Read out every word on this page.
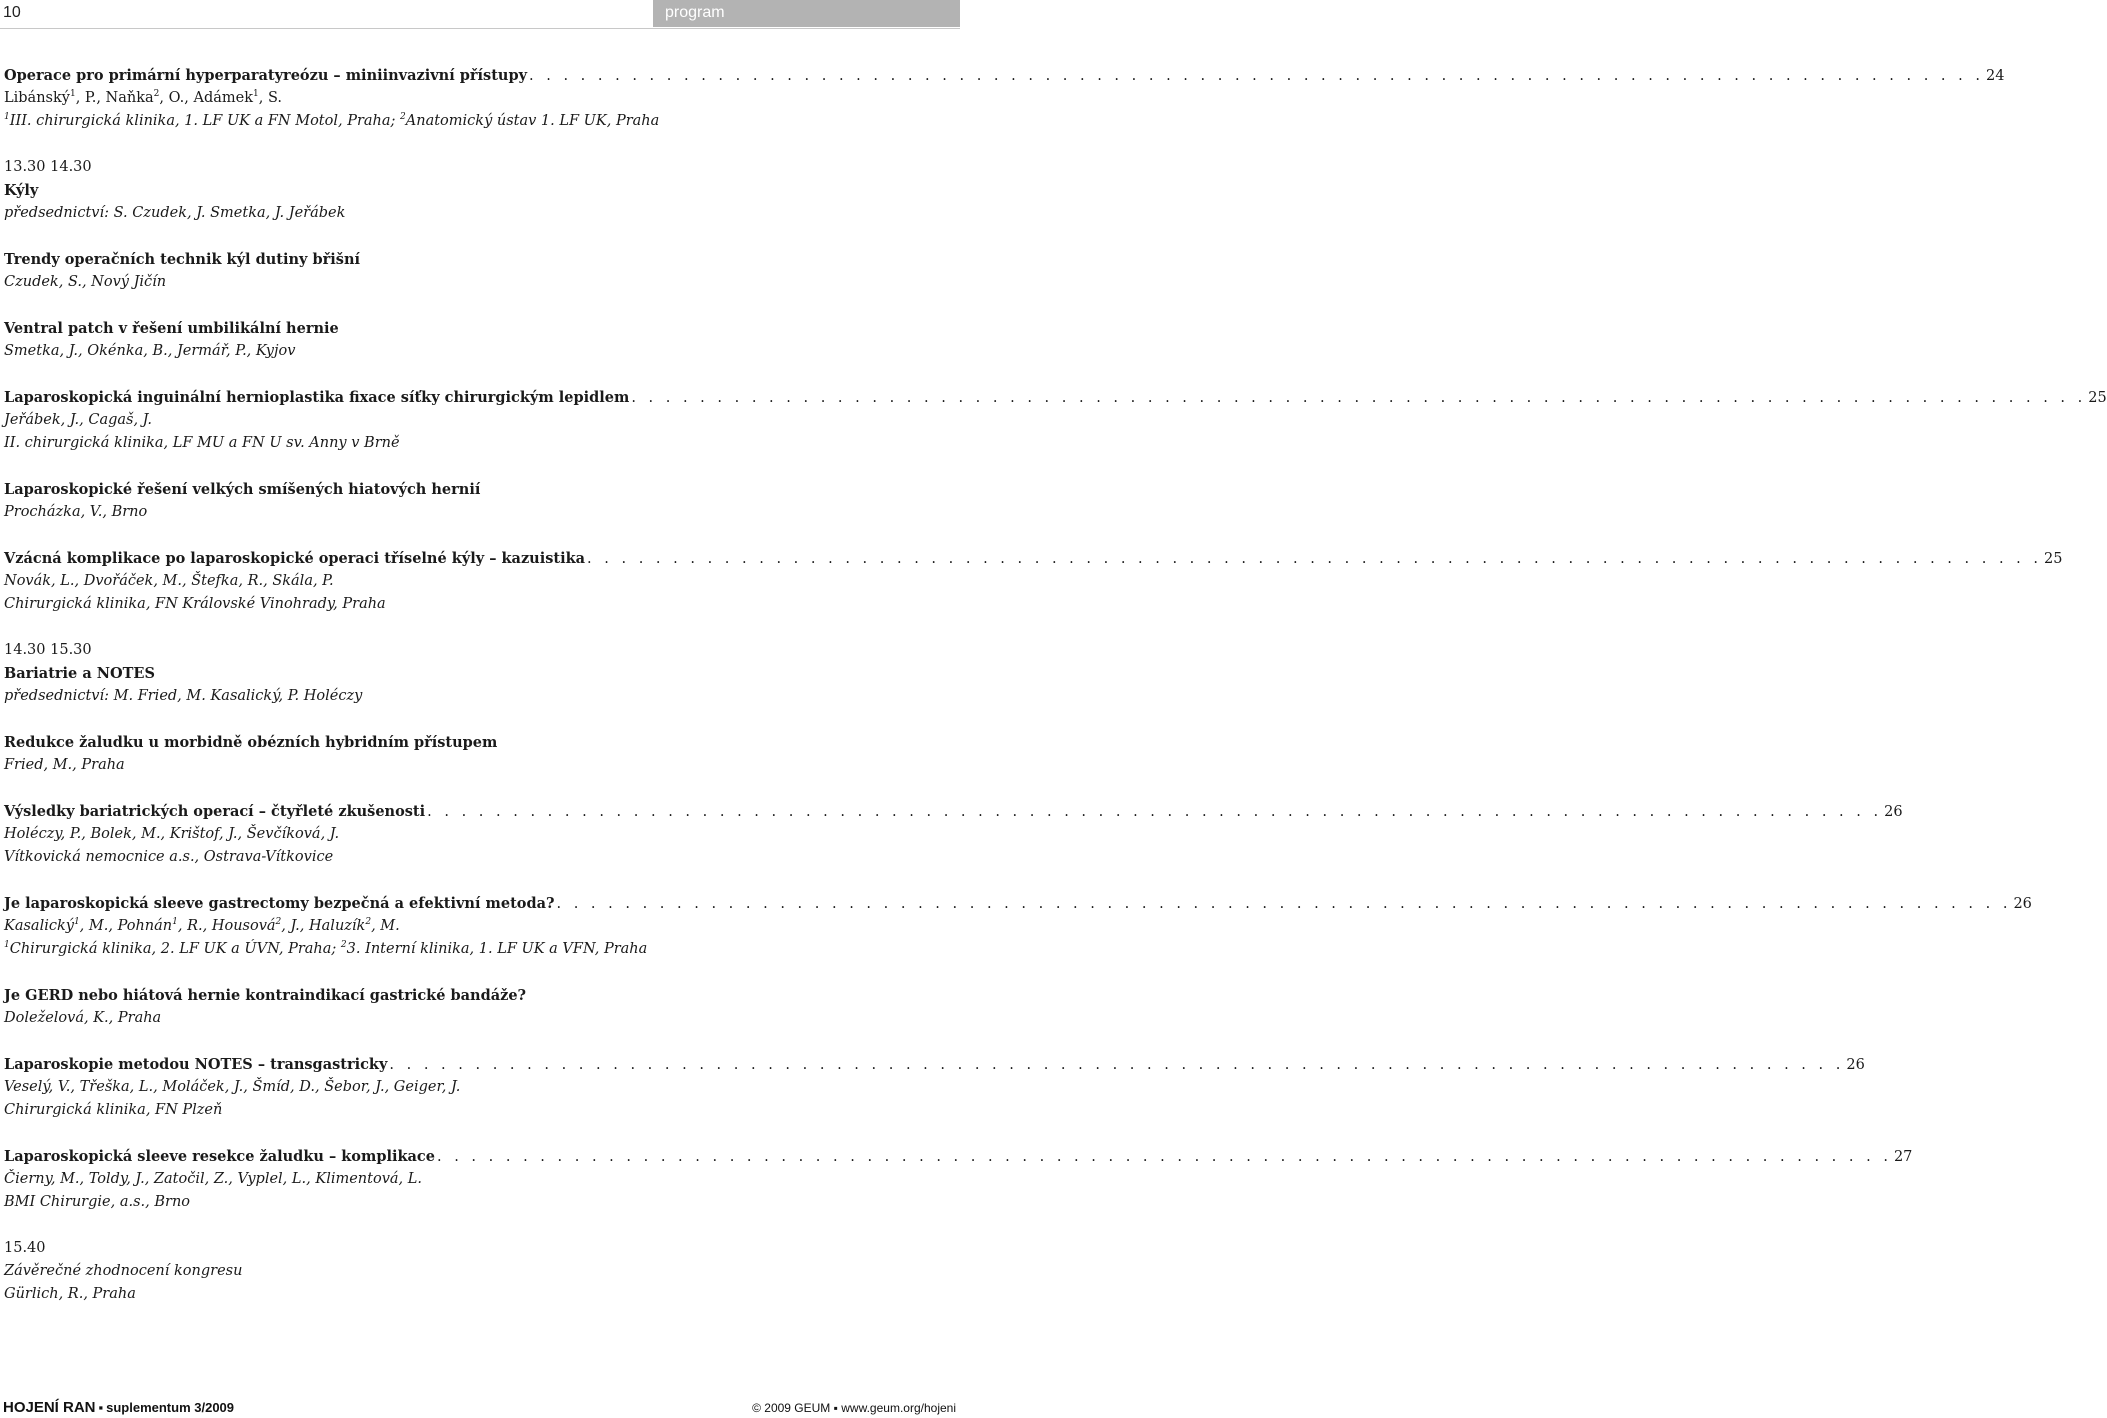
10	program
Operace pro primární hyperparatyreózu – miniinvazivní přístupy . . . . . . . . . . . . . . . . . . . . . . . . . . . . . . . . . . . . . . . . . . . . . . . . . . . . . . . . . . . . . . . . . . . . . . . . . . . . . . . . . . . . . 24
Libánský$^1$, P., Naňka$^2$, O., Adámek$^1$, S.
$^1$III. chirurgická klinika, 1. LF UK a FN Motol, Praha; $^2$Anatomický ústav 1. LF UK, Praha
13.30 14.30
Kýly
předsednictví: S. Czudek, J. Smetka, J. Jeřábek
Trendy operačních technik kýl dutiny břišní
Czudek, S., Nový Jičín
Ventral patch v řešení umbilikální hernie
Smetka, J., Okénka, B., Jermář, P., Kyjov
Laparoskopická inguinální hernioplastika fixace síťky chirurgickým lepidlem . . . . . . . . . . . . . . . . . . . . . . . . . . . . . . . . . . . . . . . . . . . . . . . . . . . . . . . . . . . . . . . . . . . . . . . . . . . . . . . . . . . . . 25
Jeřábek, J., Cagaš, J.
II. chirurgická klinika, LF MU a FN U sv. Anny v Brně
Laparoskopické řešení velkých smíšených hiatových hernií
Procházka, V., Brno
Vzácná komplikace po laparoskopické operaci tříselné kýly – kazuistika . . . . . . . . . . . . . . . . . . . . . . . . . . . . . . . . . . . . . . . . . . . . . . . . . . . . . . . . . . . . . . . . . . . . . . . . . . . . . . . . . . . . . 25
Novák, L., Dvořáček, M., Štefka, R., Skála, P.
Chirurgická klinika, FN Královské Vinohrady, Praha
14.30 15.30
Bariatrie a NOTES
předsednictví: M. Fried, M. Kasalický, P. Holéczy
Redukce žaludku u morbidně obézních hybridním přístupem
Fried, M., Praha
Výsledky bariatrických operací – čtyřleté zkušenosti . . . . . . . . . . . . . . . . . . . . . . . . . . . . . . . . . . . . . . . . . . . . . . . . . . . . . . . . . . . . . . . . . . . . . . . . . . . . . . . . . . . . . 26
Holéczy, P., Bolek, M., Krištof, J., Ševčíková, J.
Vítkovická nemocnice a.s., Ostrava-Vítkovice
Je laparoskopická sleeve gastrectomy bezpečná a efektivní metoda? . . . . . . . . . . . . . . . . . . . . . . . . . . . . . . . . . . . . . . . . . . . . . . . . . . . . . . . . . . . . . . . . . . . . . . . . . . . . . . . . . . . . . 26
Kasalický$^1$, M., Pohnán$^1$, R., Housová$^2$, J., Haluzík$^2$, M.
$^1$Chirurgická klinika, 2. LF UK a ÚVN, Praha; $^2$3. Interní klinika, 1. LF UK a VFN, Praha
Je GERD nebo hiátová hernie kontraindikací gastrické bandáže?
Doleželová, K., Praha
Laparoskopie metodou NOTES – transgastricky . . . . . . . . . . . . . . . . . . . . . . . . . . . . . . . . . . . . . . . . . . . . . . . . . . . . . . . . . . . . . . . . . . . . . . . . . . . . . . . . . . . . . 26
Veselý, V., Třeška, L., Moláček, J., Šmíd, D., Šebor, J., Geiger, J.
Chirurgická klinika, FN Plzeň
Laparoskopická sleeve resekce žaludku – komplikace . . . . . . . . . . . . . . . . . . . . . . . . . . . . . . . . . . . . . . . . . . . . . . . . . . . . . . . . . . . . . . . . . . . . . . . . . . . . . . . . . . . . . 27
Čierny, M., Toldy, J., Zatočil, Z., Vyplel, L., Klimentová, L.
BMI Chirurgie, a.s., Brno
15.40
Závěrečné zhodnocení kongresu
Gürlich, R., Praha
HOJENÍ RAN ▪ suplementum 3/2009	© 2009 GEUM ▪ www.geum.org/hojeni
